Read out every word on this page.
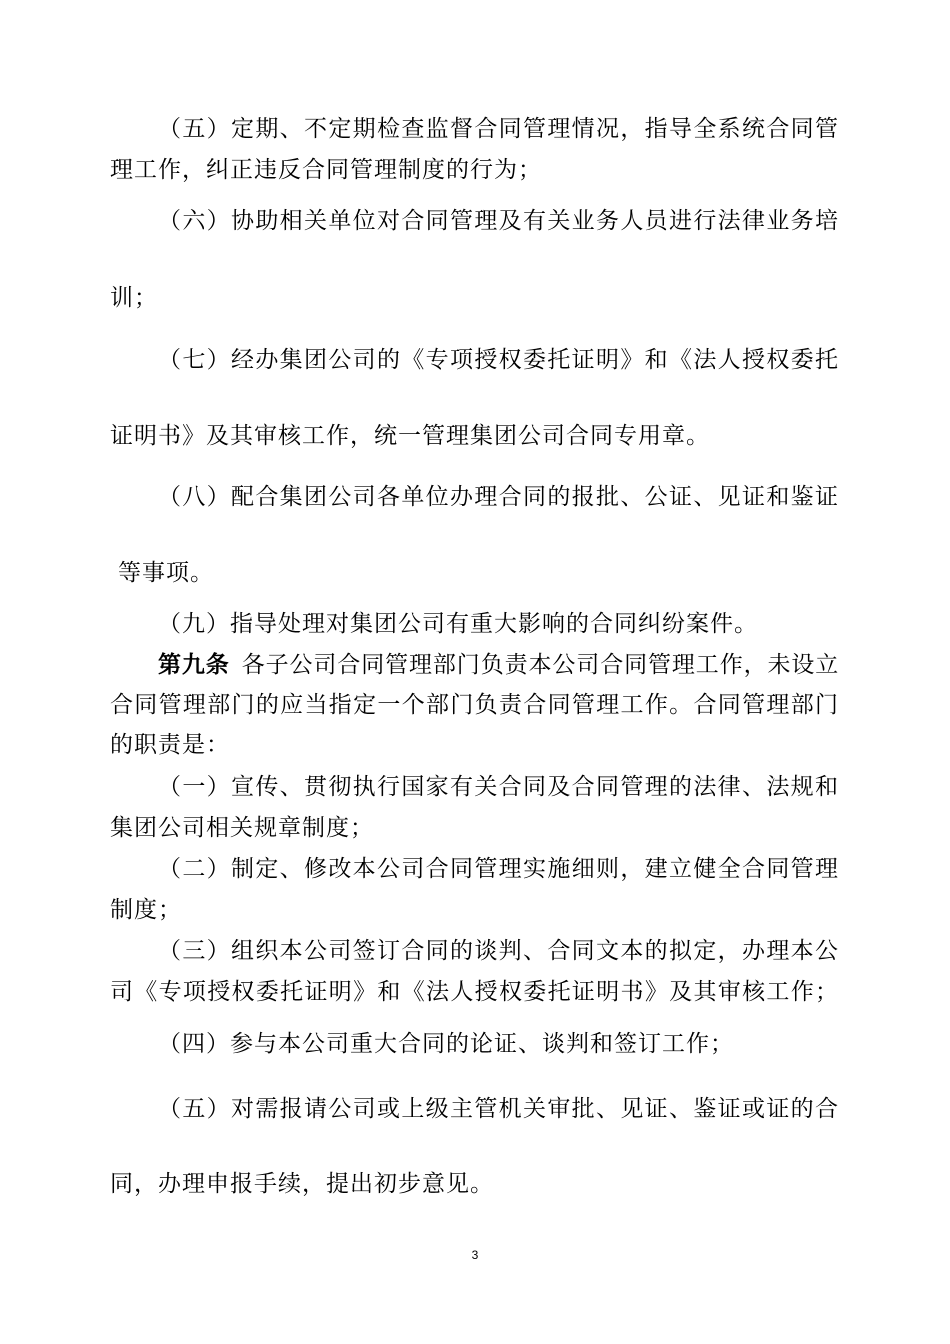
（五）定期、不定期检查监督合同管理情况，指导全系统合同管
理工作，纠正违反合同管理制度的行为；
（六）协助相关单位对合同管理及有关业务人员进行法律业务培
训；
（七）经办集团公司的《专项授权委托证明》和《法人授权委托
证明书》及其审核工作，统一管理集团公司合同专用章。
（八）配合集团公司各单位办理合同的报批、公证、见证和鉴证
等事项。
（九）指导处理对集团公司有重大影响的合同纠纷案件。
第九条 各子公司合同管理部门负责本公司合同管理工作，未设立
合同管理部门的应当指定一个部门负责合同管理工作。合同管理部门
的职责是：
（一）宣传、贯彻执行国家有关合同及合同管理的法律、法规和
集团公司相关规章制度；
（二）制定、修改本公司合同管理实施细则，建立健全合同管理
制度；
（三）组织本公司签订合同的谈判、合同文本的拟定，办理本公
司《专项授权委托证明》和《法人授权委托证明书》及其审核工作；
（四）参与本公司重大合同的论证、谈判和签订工作；
（五）对需报请公司或上级主管机关审批、见证、鉴证或证的合
同，办理申报手续，提出初步意见。
3
